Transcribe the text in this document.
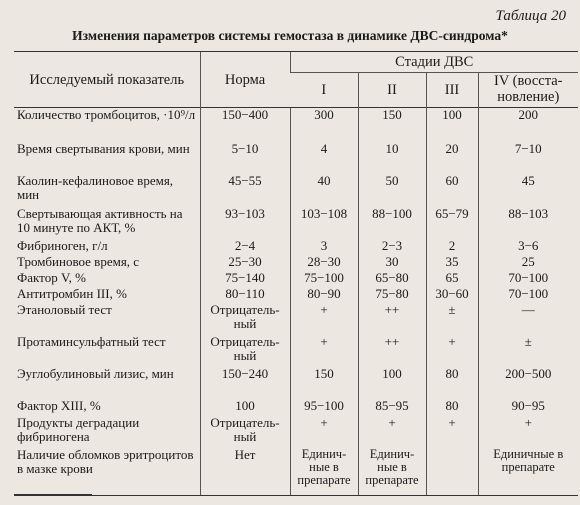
Таблица 20
Изменения параметров системы гемостаза в динамике ДВС-синдрома*
Исследуемый показатель	Норма	Стадии ДВС			
		I	II	III	IV (восста- новление)
Количество тромбоцитов, ·10⁹/л	150−400	300	150	100	200
Время свертывания крови, мин	5−10	4	10	20	7−10
Каолин-кефалиновое время, мин	45−55	40	50	60	45
Свертывающая активность на 10 минуте по АКТ, %	93−103	103−108	88−100	65−79	88−103
Фибриноген, г/л	2−4	3	2−3	2	3−6
Тромбиновое время, с	25−30	28−30	30	35	25
Фактор V, %	75−140	75−100	65−80	65	70−100
Антитромбин III, %	80−110	80−90	75−80	30−60	70−100
Этаноловый тест	Отрицатель- ный	+	++	±	—
Протаминсульфатный тест	Отрицатель- ный	+	++	+	±
Эуглобулиновый лизис, мин	150−240	150	100	80	200−500
Фактор XIII, %	100	95−100	85−95	80	90−95
Продукты деградации фибриногена	Отрицатель- ный	+	+	+	+
Наличие обломков эритроцитов в мазке крови	Нет	Единич- ные в препарате	Единич- ные в препарате		Единичные в препарате
